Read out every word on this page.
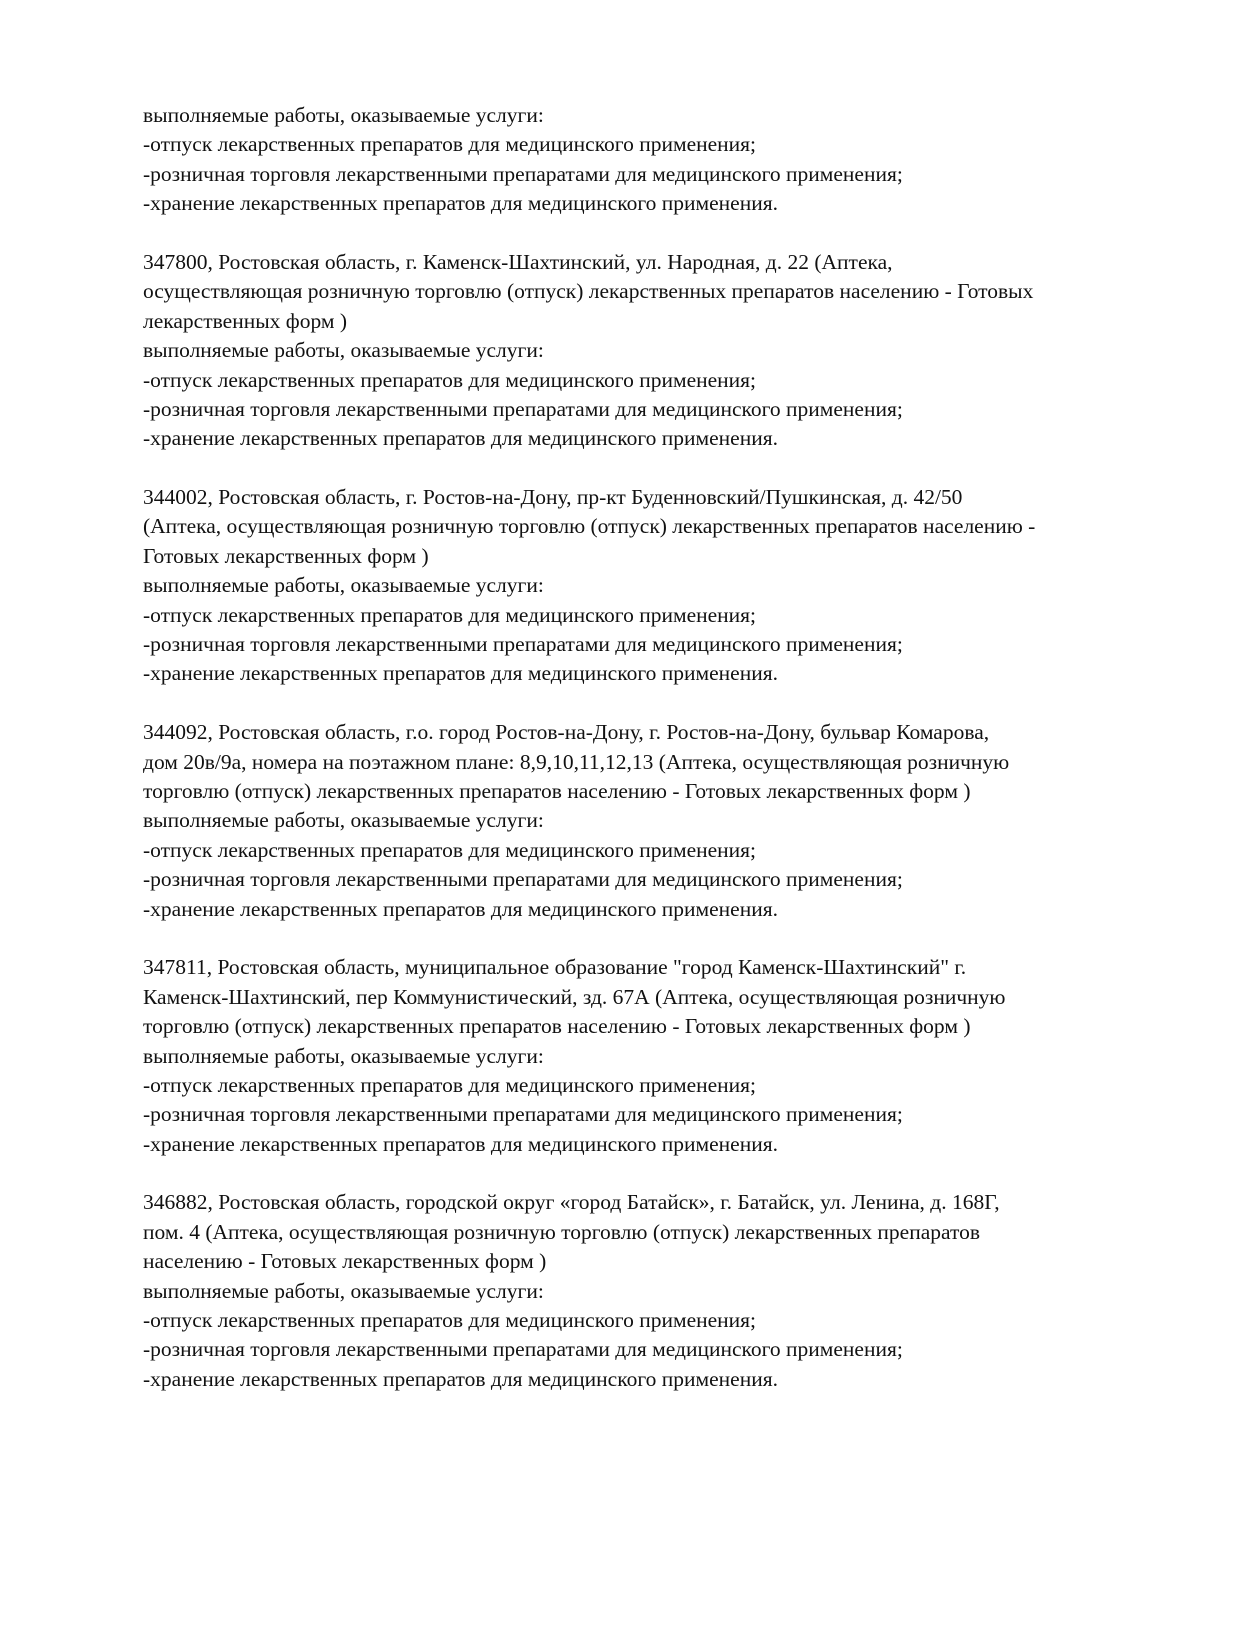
выполняемые работы, оказываемые услуги:
-отпуск лекарственных препаратов для медицинского применения;
-розничная торговля лекарственными препаратами для медицинского применения;
-хранение лекарственных препаратов для медицинского применения.
347800, Ростовская область, г. Каменск-Шахтинский, ул. Народная, д. 22 (Аптека,
осуществляющая розничную торговлю (отпуск) лекарственных препаратов населению - Готовых
лекарственных форм )
выполняемые работы, оказываемые услуги:
-отпуск лекарственных препаратов для медицинского применения;
-розничная торговля лекарственными препаратами для медицинского применения;
-хранение лекарственных препаратов для медицинского применения.
344002, Ростовская область, г. Ростов-на-Дону, пр-кт Буденновский/Пушкинская, д. 42/50
(Аптека, осуществляющая розничную торговлю (отпуск) лекарственных препаратов населению -
Готовых лекарственных форм )
выполняемые работы, оказываемые услуги:
-отпуск лекарственных препаратов для медицинского применения;
-розничная торговля лекарственными препаратами для медицинского применения;
-хранение лекарственных препаратов для медицинского применения.
344092, Ростовская область, г.о. город Ростов-на-Дону, г. Ростов-на-Дону, бульвар Комарова,
дом 20в/9а, номера на поэтажном плане: 8,9,10,11,12,13 (Аптека, осуществляющая розничную
торговлю (отпуск) лекарственных препаратов населению - Готовых лекарственных форм )
выполняемые работы, оказываемые услуги:
-отпуск лекарственных препаратов для медицинского применения;
-розничная торговля лекарственными препаратами для медицинского применения;
-хранение лекарственных препаратов для медицинского применения.
347811, Ростовская область, муниципальное образование "город Каменск-Шахтинский" г.
Каменск-Шахтинский, пер Коммунистический, зд. 67А (Аптека, осуществляющая розничную
торговлю (отпуск) лекарственных препаратов населению - Готовых лекарственных форм )
выполняемые работы, оказываемые услуги:
-отпуск лекарственных препаратов для медицинского применения;
-розничная торговля лекарственными препаратами для медицинского применения;
-хранение лекарственных препаратов для медицинского применения.
346882, Ростовская область, городской округ «город Батайск», г. Батайск, ул. Ленина, д. 168Г,
пом. 4 (Аптека, осуществляющая розничную торговлю (отпуск) лекарственных препаратов
населению - Готовых лекарственных форм )
выполняемые работы, оказываемые услуги:
-отпуск лекарственных препаратов для медицинского применения;
-розничная торговля лекарственными препаратами для медицинского применения;
-хранение лекарственных препаратов для медицинского применения.
